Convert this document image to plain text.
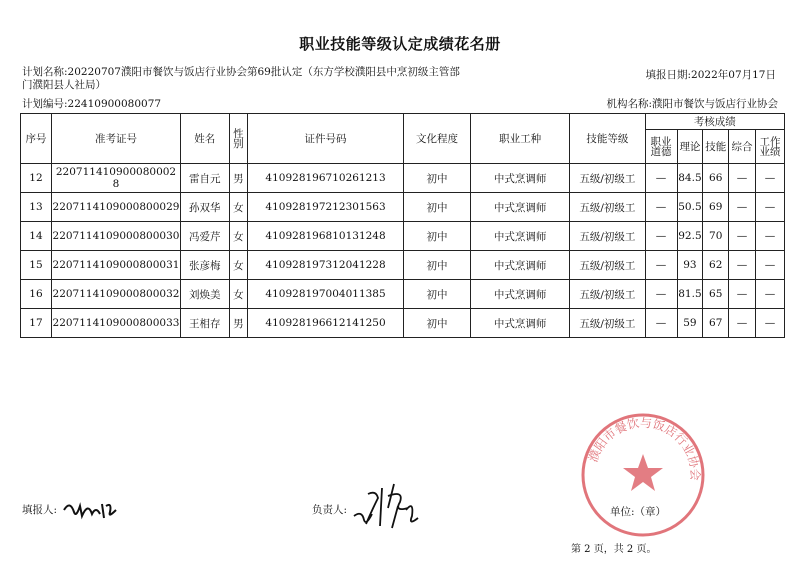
职业技能等级认定成绩花名册
计划名称:20220707濮阳市餐饮与饭店行业协会第69批认定（东方学校濮阳县中烹初级主管部门濮阳县人社局）
填报日期:2022年07月17日
计划编号:22410900080077	机构名称:濮阳市餐饮与饭店行业协会
序号	准考证号	姓名	性别	证件号码	文化程度	职业工种	技能等级	考核成绩				
								职业道德	理论	技能	综合	工作业绩
12	220711410900080002 8	雷自元	男	410928196710261213	初中	中式烹调师	五级/初级工	—	84.5	66	—	—
13	2207114109000800029	孙双华	女	410928197212301563	初中	中式烹调师	五级/初级工	—	50.5	69	—	—
14	2207114109000800030	冯爱芹	女	410928196810131248	初中	中式烹调师	五级/初级工	—	92.5	70	—	—
15	2207114109000800031	张彦梅	女	410928197312041228	初中	中式烹调师	五级/初级工	—	93	62	—	—
16	2207114109000800032	刘焕美	女	410928197004011385	初中	中式烹调师	五级/初级工	—	81.5	65	—	—
17	2207114109000800033	王相存	男	410928196612141250	初中	中式烹调师	五级/初级工	—	59	67	—	—
填报人:	负责人:	单位:（章）
濮阳市餐饮与饭店行业协会
第 2 页，共 2 页。
